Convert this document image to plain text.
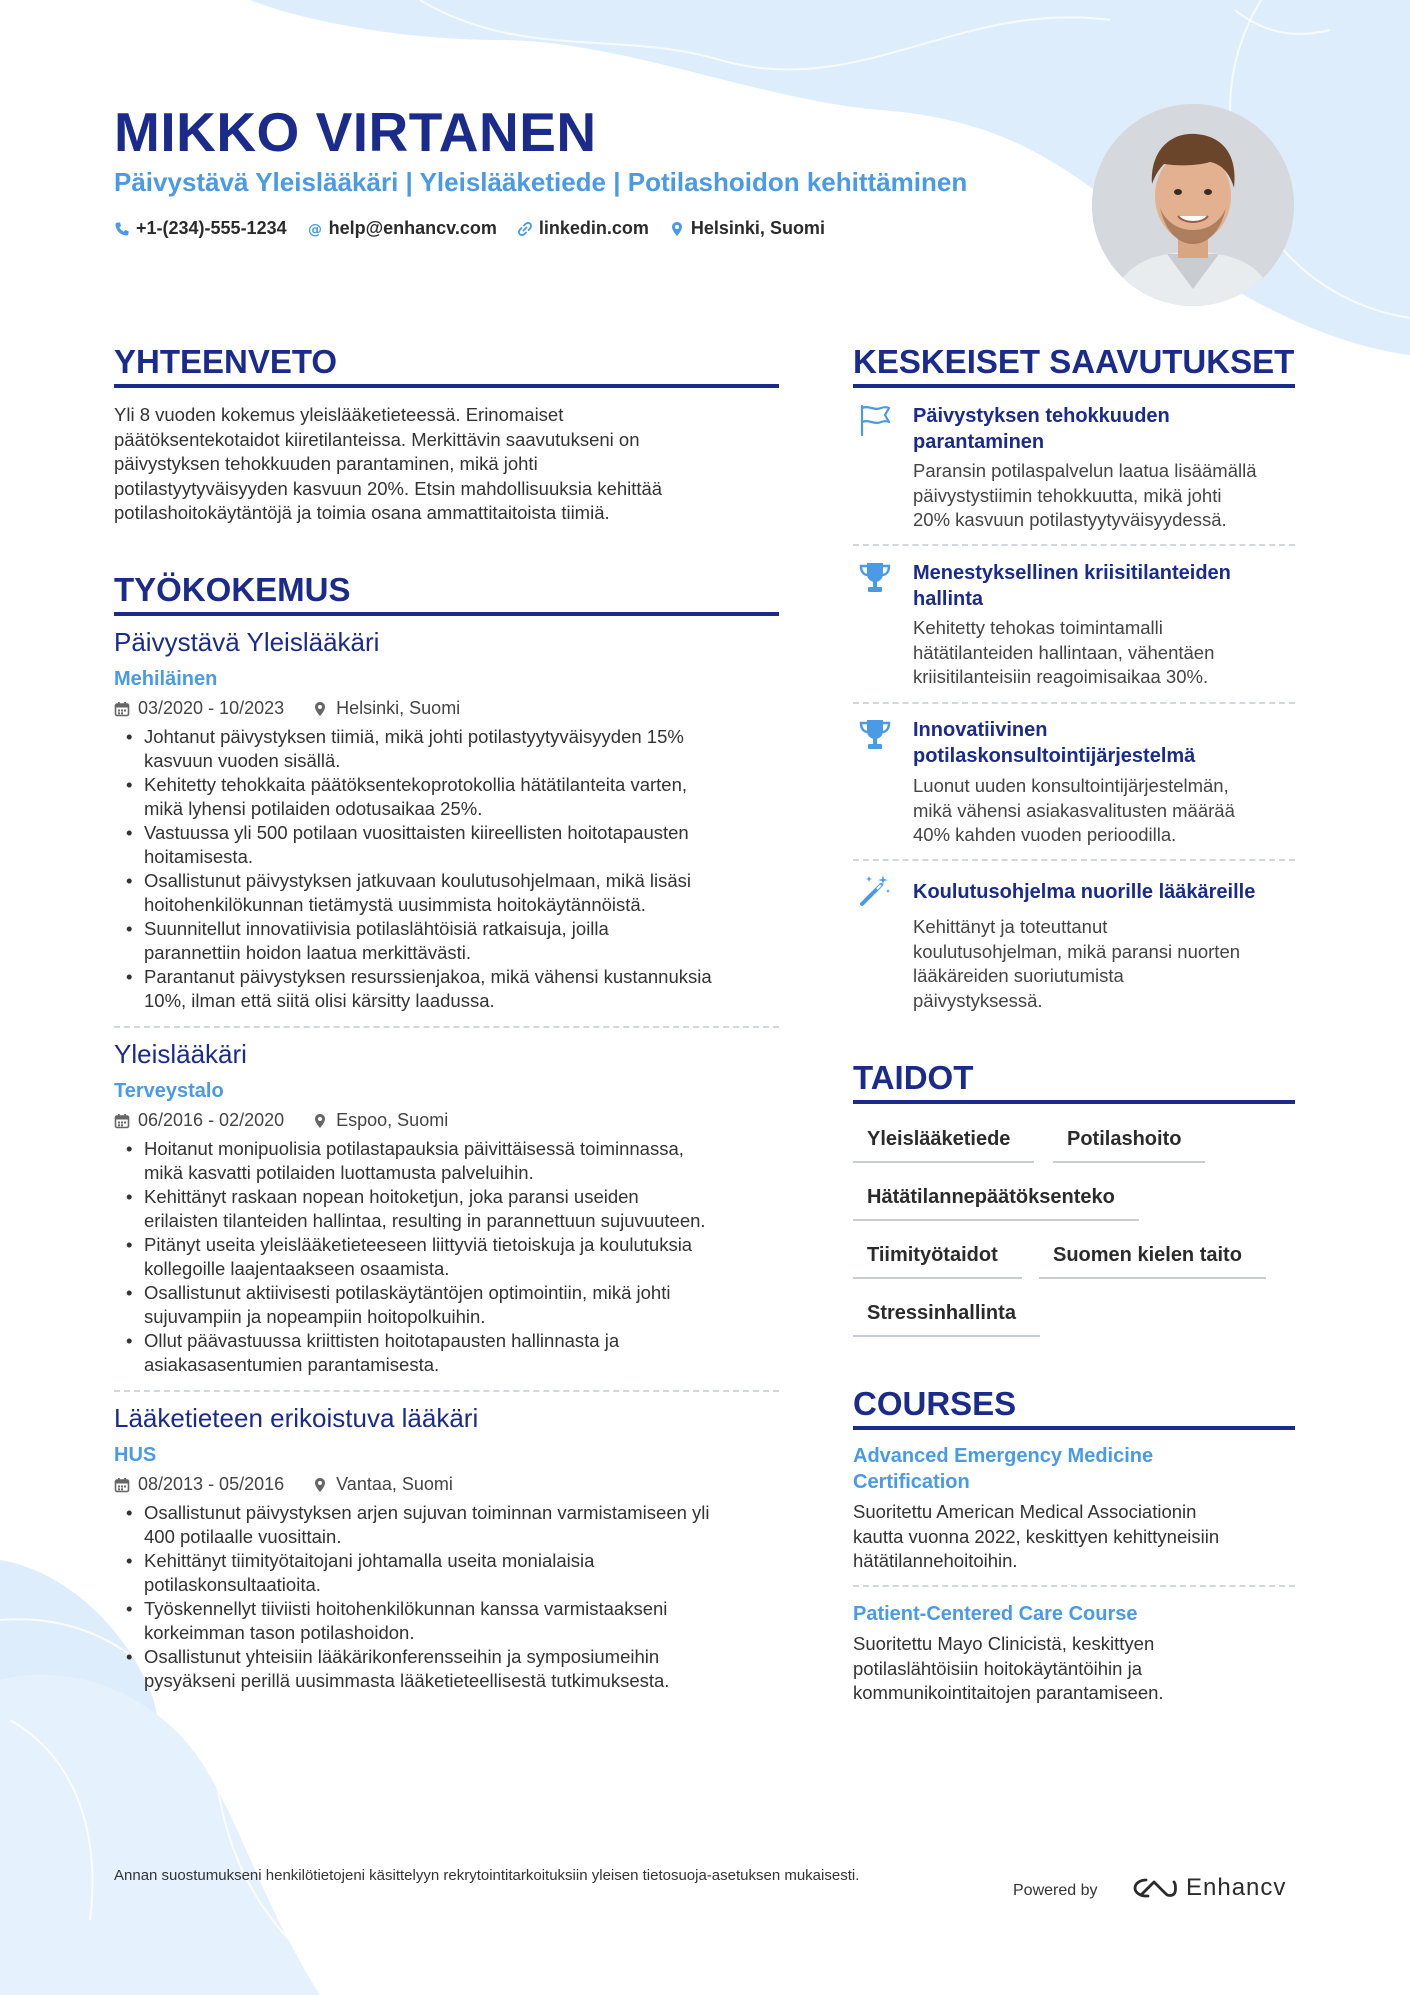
MIKKO VIRTANEN
Päivystävä Yleislääkäri | Yleislääketiede | Potilashoidon kehittäminen
+1-(234)-555-1234 @ help@enhancv.com linkedin.com Helsinki, Suomi
YHTEENVETO
Yli 8 vuoden kokemus yleislääketieteessä. Erinomaiset
päätöksentekotaidot kiiretilanteissa. Merkittävin saavutukseni on
päivystyksen tehokkuuden parantaminen, mikä johti
potilastyytyväisyyden kasvuun 20%. Etsin mahdollisuuksia kehittää
potilashoitokäytäntöjä ja toimia osana ammattitaitoista tiimiä.
TYÖKOKEMUS
Päivystävä Yleislääkäri
Mehiläinen
03/2020 - 10/2023	Helsinki, Suomi
• Johtanut päivystyksen tiimiä, mikä johti potilastyytyväisyyden 15%
kasvuun vuoden sisällä.
• Kehitetty tehokkaita päätöksentekoprotokollia hätätilanteita varten,
mikä lyhensi potilaiden odotusaikaa 25%.
• Vastuussa yli 500 potilaan vuosittaisten kiireellisten hoitotapausten
hoitamisesta.
• Osallistunut päivystyksen jatkuvaan koulutusohjelmaan, mikä lisäsi
hoitohenkilökunnan tietämystä uusimmista hoitokäytännöistä.
• Suunnitellut innovatiivisia potilaslähtöisiä ratkaisuja, joilla
parannettiin hoidon laatua merkittävästi.
• Parantanut päivystyksen resurssienjakoa, mikä vähensi kustannuksia
10%, ilman että siitä olisi kärsitty laadussa.
Yleislääkäri
Terveystalo
06/2016 - 02/2020	Espoo, Suomi
• Hoitanut monipuolisia potilastapauksia päivittäisessä toiminnassa,
mikä kasvatti potilaiden luottamusta palveluihin.
• Kehittänyt raskaan nopean hoitoketjun, joka paransi useiden
erilaisten tilanteiden hallintaa, resulting in parannettuun sujuvuuteen.
• Pitänyt useita yleislääketieteeseen liittyviä tietoiskuja ja koulutuksia
kollegoille laajentaakseen osaamista.
• Osallistunut aktiivisesti potilaskäytäntöjen optimointiin, mikä johti
sujuvampiin ja nopeampiin hoitopolkuihin.
• Ollut päävastuussa kriittisten hoitotapausten hallinnasta ja
asiakasasentumien parantamisesta.
Lääketieteen erikoistuva lääkäri
HUS
08/2013 - 05/2016	Vantaa, Suomi
• Osallistunut päivystyksen arjen sujuvan toiminnan varmistamiseen yli
400 potilaalle vuosittain.
• Kehittänyt tiimityötaitojani johtamalla useita monialaisia
potilaskonsultaatioita.
• Työskennellyt tiiviisti hoitohenkilökunnan kanssa varmistaakseni
korkeimman tason potilashoidon.
• Osallistunut yhteisiin lääkärikonferensseihin ja symposiumeihin
pysyäkseni perillä uusimmasta lääketieteellisestä tutkimuksesta.
KESKEISET SAAVUTUKSET
Päivystyksen tehokkuuden
parantaminen
Paransin potilaspalvelun laatua lisäämällä
päivystystiimin tehokkuutta, mikä johti
20% kasvuun potilastyytyväisyydessä.
Menestyksellinen kriisitilanteiden
hallinta
Kehitetty tehokas toimintamalli
hätätilanteiden hallintaan, vähentäen
kriisitilanteisiin reagoimisaikaa 30%.
Innovatiivinen
potilaskonsultointijärjestelmä
Luonut uuden konsultointijärjestelmän,
mikä vähensi asiakasvalitusten määrää
40% kahden vuoden perioodilla.
Koulutusohjelma nuorille lääkäreille
Kehittänyt ja toteuttanut
koulutusohjelman, mikä paransi nuorten
lääkäreiden suoriutumista
päivystyksessä.
TAIDOT
Yleislääketiede	Potilashoito
Hätätilannepäätöksenteko
Tiimityötaidot	Suomen kielen taito
Stressinhallinta
COURSES
Advanced Emergency Medicine
Certification
Suoritettu American Medical Associationin
kautta vuonna 2022, keskittyen kehittyneisiin
hätätilannehoitoihin.
Patient-Centered Care Course
Suoritettu Mayo Clinicistä, keskittyen
potilaslähtöisiin hoitokäytäntöihin ja
kommunikointitaitojen parantamiseen.
Annan suostumukseni henkilötietojeni käsittelyyn rekrytointitarkoituksiin yleisen tietosuoja-asetuksen mukaisesti.
Powered by	Enhancv
